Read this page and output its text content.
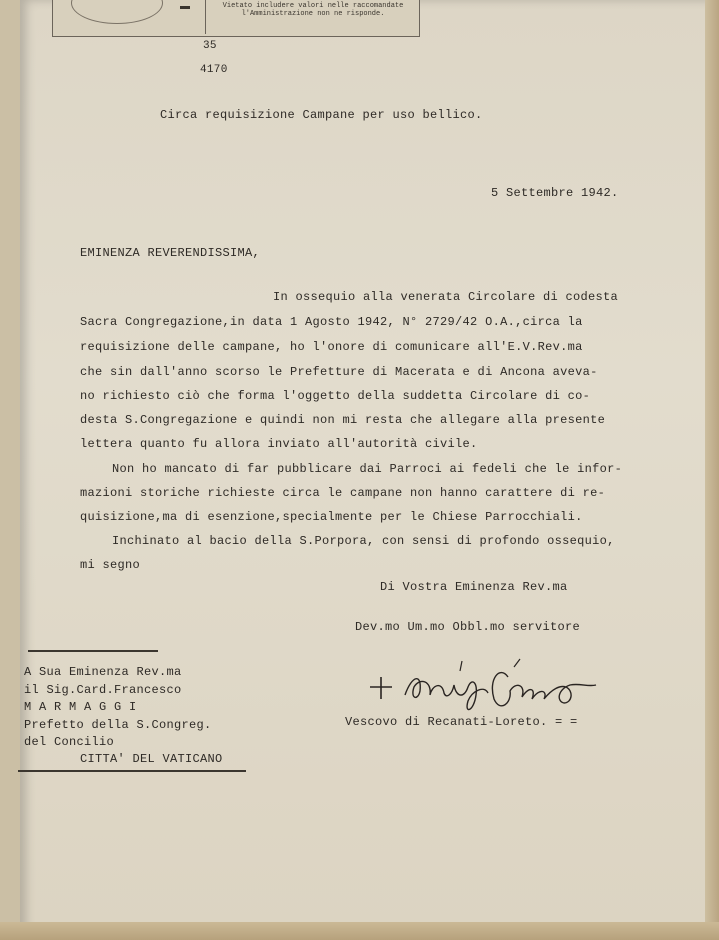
Vietato includere valori nelle raccomandate
l'Amministrazione non ne risponde.
35
4170
Circa requisizione Campane per uso bellico.
5 Settembre 1942.
EMINENZA REVERENDISSIMA,
In ossequio alla venerata Circolare di codesta
Sacra Congregazione,in data 1 Agosto 1942, N° 2729/42 O.A.,circa la
requisizione delle campane, ho l'onore di comunicare all'E.V.Rev.ma
che sin dall'anno scorso le Prefetture di Macerata e di Ancona aveva-
no richiesto ciò che forma l'oggetto della suddetta Circolare di co-
desta S.Congregazione e quindi non mi resta che allegare alla presente
lettera quanto fu allora inviato all'autorità civile.
Non ho mancato di far pubblicare dai Parroci ai fedeli che le infor-
mazioni storiche richieste circa le campane non hanno carattere di re-
quisizione,ma di esenzione,specialmente per le Chiese Parrocchiali.
Inchinato al bacio della S.Porpora, con sensi di profondo ossequio,
mi segno
Di Vostra Eminenza Rev.ma
Dev.mo Um.mo Obbl.mo servitore
Vescovo di Recanati-Loreto. = =
A Sua Eminenza Rev.ma
il Sig.Card.Francesco
M A R M A G G I
Prefetto della S.Congreg.
del Concilio
CITTA' DEL VATICANO
